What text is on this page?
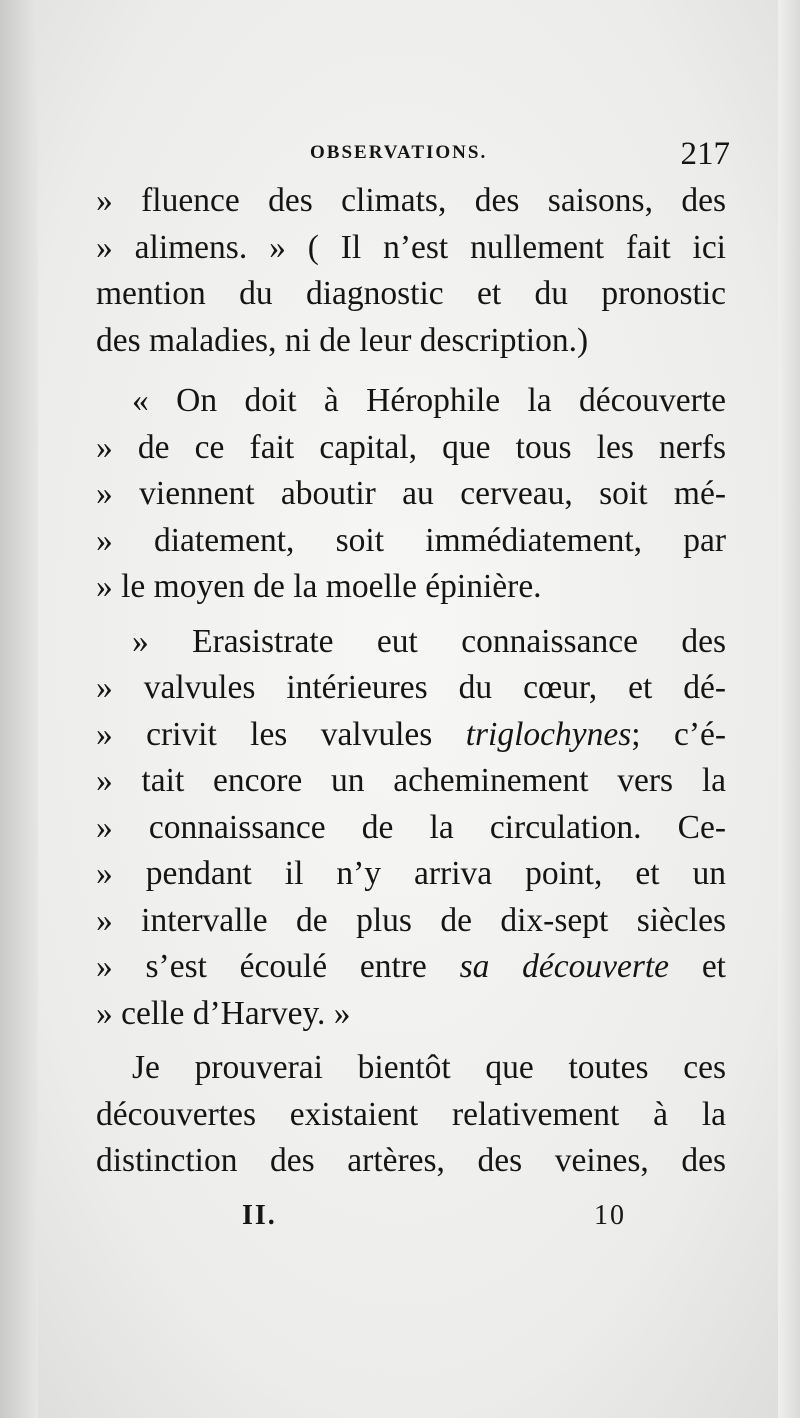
OBSERVATIONS.	217
» fluence des climats, des saisons, des
» alimens. » ( Il n’est nullement fait ici
mention du diagnostic et du pronostic
des maladies, ni de leur description.)
« On doit à Hérophile la découverte
» de ce fait capital, que tous les nerfs
» viennent aboutir au cerveau, soit mé-
» diatement, soit immédiatement, par
» le moyen de la moelle épinière.
» Erasistrate eut connaissance des
» valvules intérieures du cœur, et dé-
» crivit les valvules triglochynes; c’é-
» tait encore un acheminement vers la
» connaissance de la circulation. Ce-
» pendant il n’y arriva point, et un
» intervalle de plus de dix-sept siècles
» s’est écoulé entre sa découverte et
» celle d’Harvey. »
Je prouverai bientôt que toutes ces
découvertes existaient relativement à la
distinction des artères, des veines, des
II.	10
